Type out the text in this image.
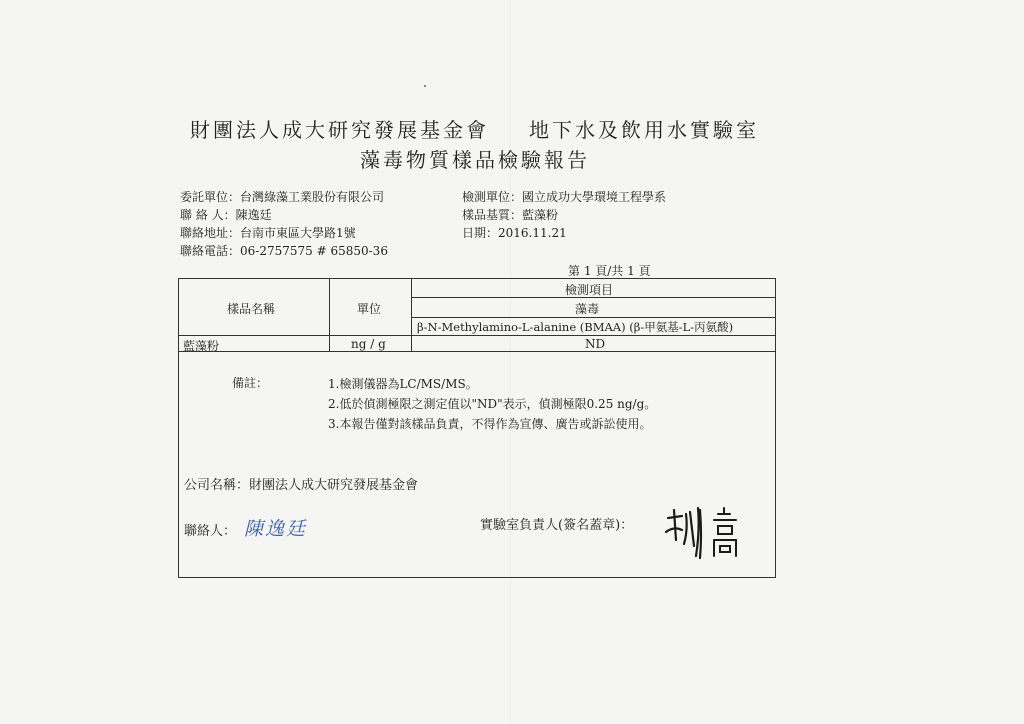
財團法人成大研究發展基金會 地下水及飲用水實驗室
藻毒物質樣品檢驗報告
委託單位：台灣綠藻工業股份有限公司
聯 絡 人：陳逸廷
聯絡地址：台南市東區大學路1號
聯絡電話：06-2757575 # 65850-36
檢測單位：國立成功大學環境工程學系
樣品基質：藍藻粉
日期：2016.11.21
第 1 頁/共 1 頁
樣品名稱	單位
檢測項目
藻毒
β-N-Methylamino-L-alanine (BMAA) (β-甲氨基-L-丙氨酸)
藍藻粉	ng / g	ND
備註：	1.檢測儀器為LC/MS/MS。
2.低於偵測極限之測定值以"ND"表示，偵測極限0.25 ng/g。
3.本報告僅對該樣品負責，不得作為宣傳、廣告或訴訟使用。
公司名稱：財團法人成大研究發展基金會
聯絡人： 陳逸廷	實驗室負責人(簽名蓋章)：
